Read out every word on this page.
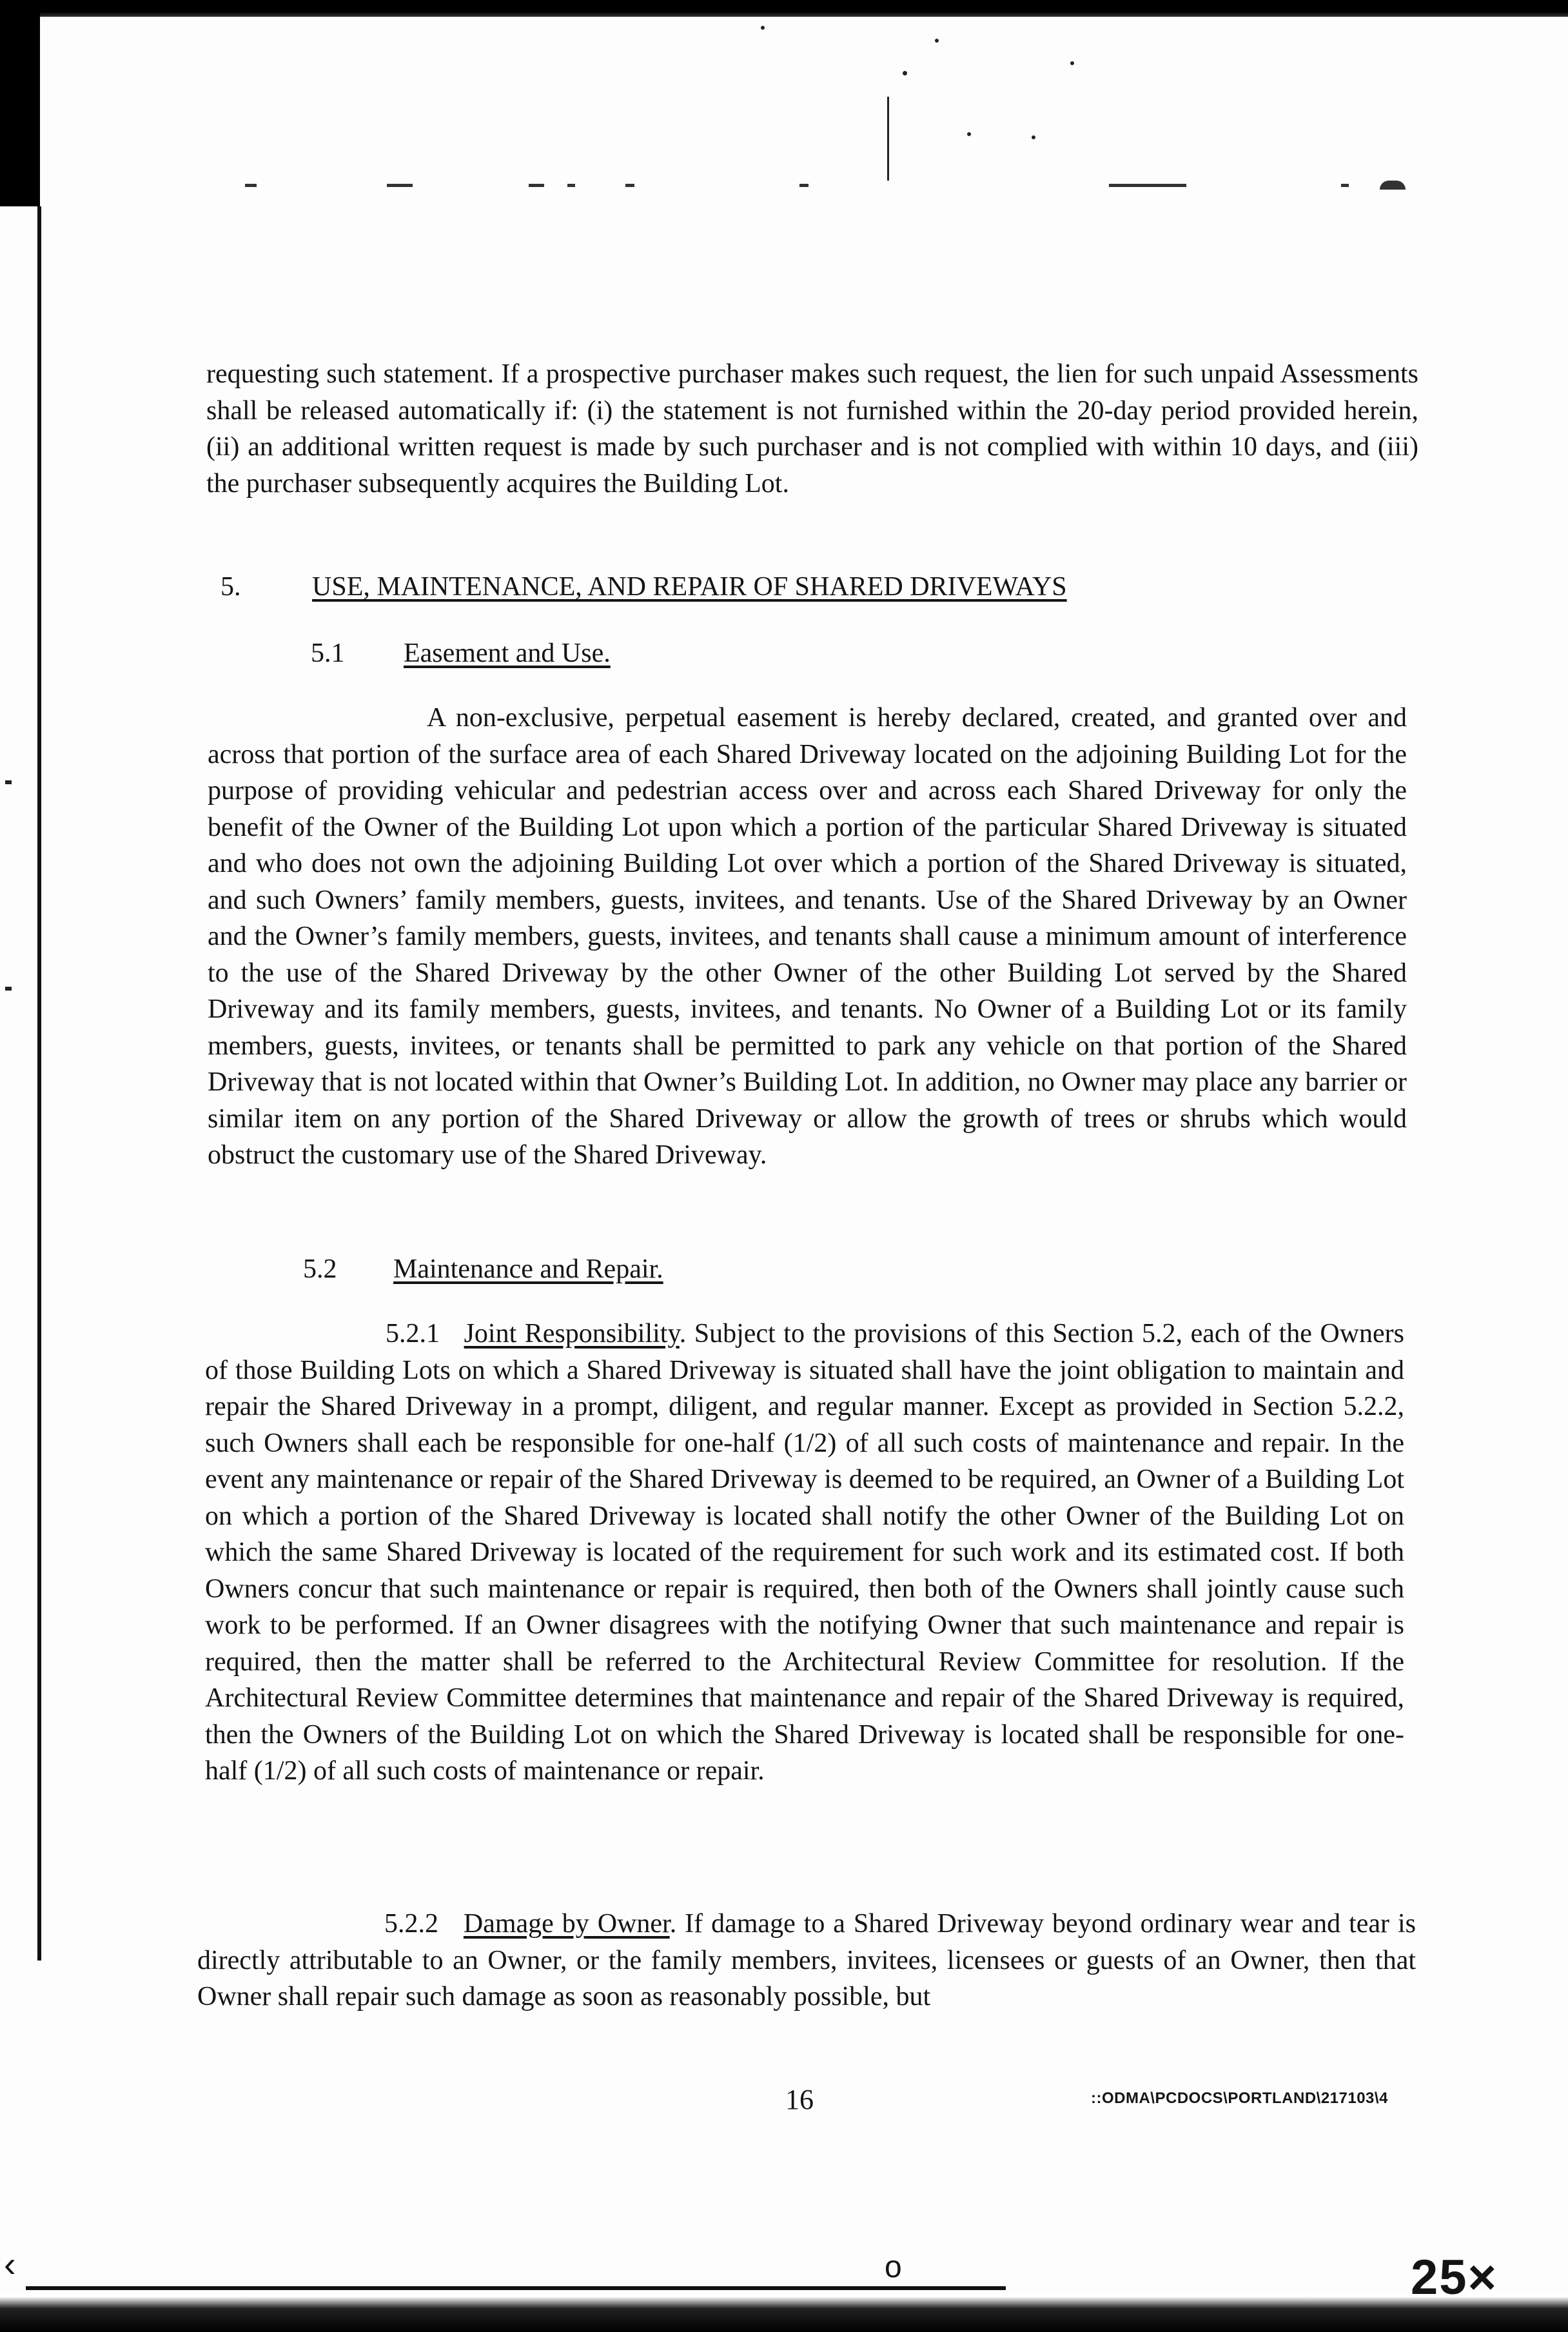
requesting such statement. If a prospective purchaser makes such request, the lien for such unpaid Assessments shall be released automatically if: (i) the statement is not furnished within the 20-day period provided herein, (ii) an additional written request is made by such purchaser and is not complied with within 10 days, and (iii) the purchaser subsequently acquires the Building Lot.

5.	USE, MAINTENANCE, AND REPAIR OF SHARED DRIVEWAYS

5.1 Easement and Use.

A non-exclusive, perpetual easement is hereby declared, created, and granted over and across that portion of the surface area of each Shared Driveway located on the adjoining Building Lot for the purpose of providing vehicular and pedestrian access over and across each Shared Driveway for only the benefit of the Owner of the Building Lot upon which a portion of the particular Shared Driveway is situated and who does not own the adjoining Building Lot over which a portion of the Shared Driveway is situated, and such Owners’ family members, guests, invitees, and tenants. Use of the Shared Driveway by an Owner and the Owner’s family members, guests, invitees, and tenants shall cause a minimum amount of interference to the use of the Shared Driveway by the other Owner of the other Building Lot served by the Shared Driveway and its family members, guests, invitees, and tenants. No Owner of a Building Lot or its family members, guests, invitees, or tenants shall be permitted to park any vehicle on that portion of the Shared Driveway that is not located within that Owner’s Building Lot. In addition, no Owner may place any barrier or similar item on any portion of the Shared Driveway or allow the growth of trees or shrubs which would obstruct the customary use of the Shared Driveway.

5.2 Maintenance and Repair.

5.2.1 Joint Responsibility. Subject to the provisions of this Section 5.2, each of the Owners of those Building Lots on which a Shared Driveway is situated shall have the joint obligation to maintain and repair the Shared Driveway in a prompt, diligent, and regular manner. Except as provided in Section 5.2.2, such Owners shall each be responsible for one-half (1/2) of all such costs of maintenance and repair. In the event any maintenance or repair of the Shared Driveway is deemed to be required, an Owner of a Building Lot on which a portion of the Shared Driveway is located shall notify the other Owner of the Building Lot on which the same Shared Driveway is located of the requirement for such work and its estimated cost. If both Owners concur that such maintenance or repair is required, then both of the Owners shall jointly cause such work to be performed. If an Owner disagrees with the notifying Owner that such maintenance and repair is required, then the matter shall be referred to the Architectural Review Committee for resolution. If the Architectural Review Committee determines that maintenance and repair of the Shared Driveway is required, then the Owners of the Building Lot on which the Shared Driveway is located shall be responsible for one-half (1/2) of all such costs of maintenance or repair.

5.2.2 Damage by Owner. If damage to a Shared Driveway beyond ordinary wear and tear is directly attributable to an Owner, or the family members, invitees, licensees or guests of an Owner, then that Owner shall repair such damage as soon as reasonably possible, but

16	::ODMA\PCDOCS\PORTLAND\217103\4

o

‹	25×
